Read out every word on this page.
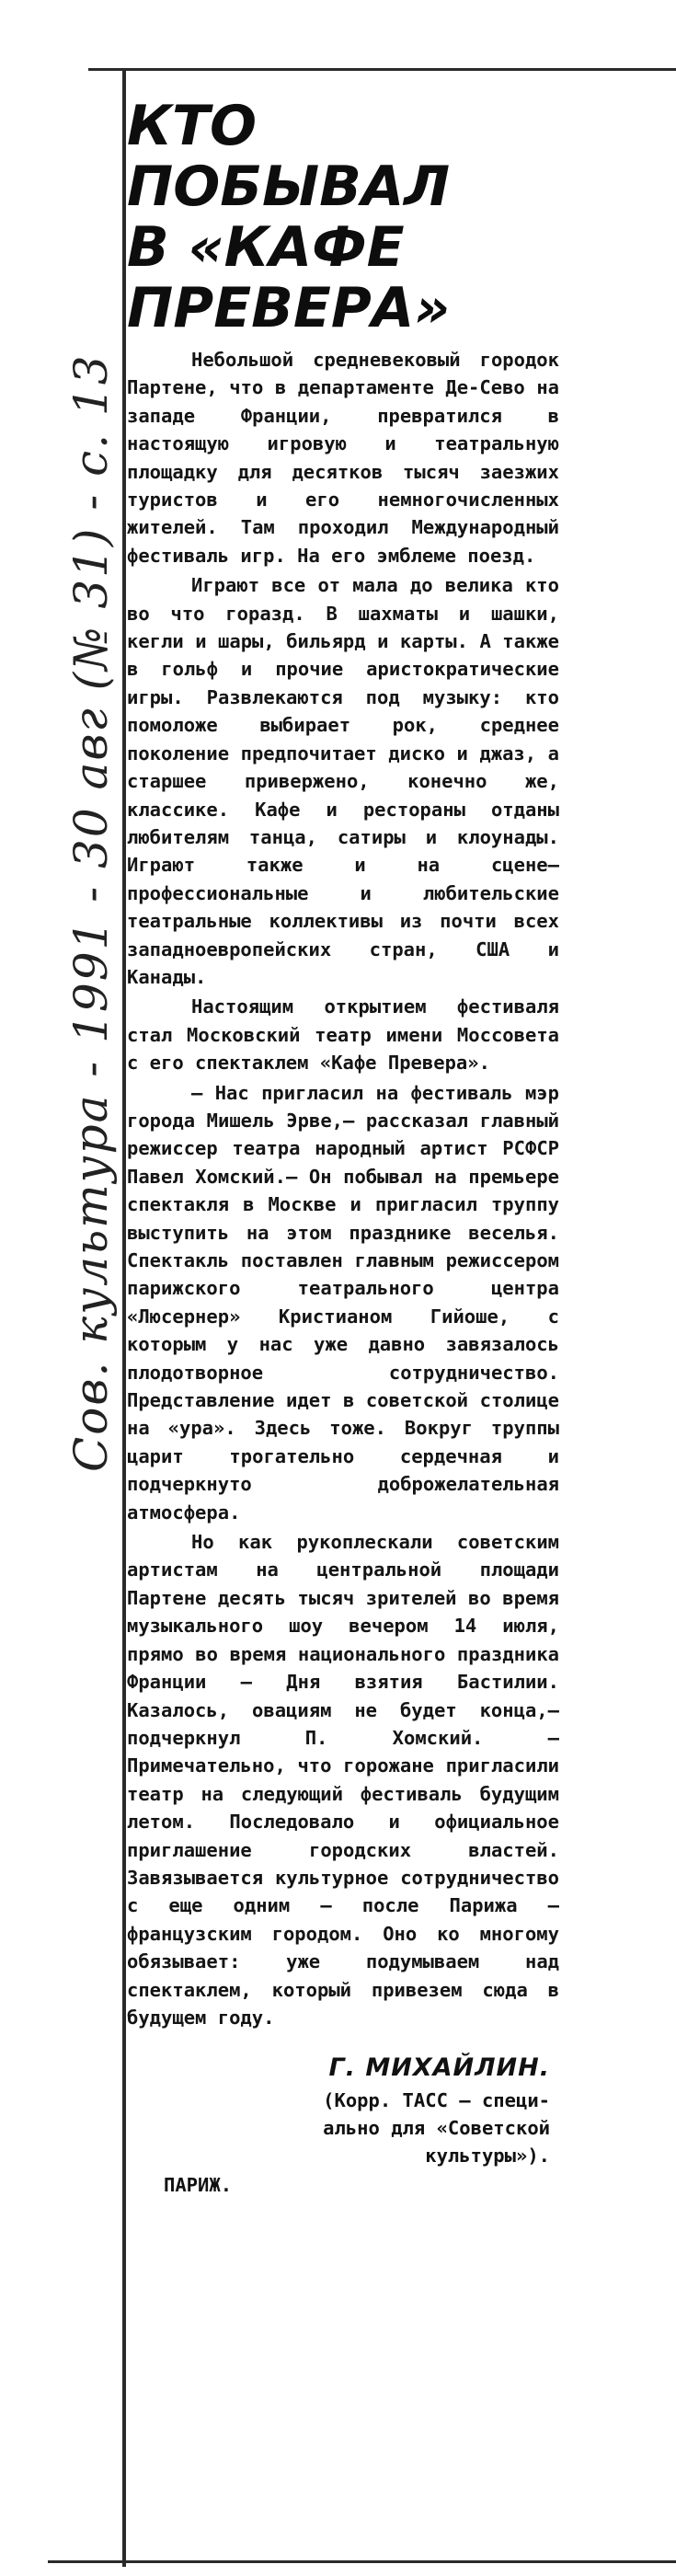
Сов. культура - 1991 - 30 авг (№ 31) - с. 13
КТО ПОБЫВАЛ
В «КАФЕ
ПРЕВЕРА»

Небольшой средневековый городок Партене, что в департаменте Де-Сево на западе Франции, превратился в настоящую игровую и театральную площадку для десятков тысяч заезжих туристов и его немногочисленных жителей. Там проходил Международный фестиваль игр. На его эмблеме поезд.

Играют все от мала до велика кто во что горазд. В шахматы и шашки, кегли и шары, бильярд и карты. А также в гольф и прочие аристократические игры. Развлекаются под музыку: кто помоложе выбирает рок, среднее поколение предпочитает диско и джаз, а старшее привержено, конечно же, классике. Кафе и рестораны отданы любителям танца, сатиры и клоунады. Играют также и на сцене— профессиональные и любительские театральные коллективы из почти всех западноевропейских стран, США и Канады.

Настоящим открытием фестиваля стал Московский театр имени Моссовета с его спектаклем «Кафе Превера».

— Нас пригласил на фестиваль мэр города Мишель Эрве,— рассказал главный режиссер театра народный артист РСФСР Павел Хомский.— Он побывал на премьере спектакля в Москве и пригласил труппу выступить на этом празднике веселья. Спектакль поставлен главным режиссером парижского театрального центра «Люсернер» Кристианом Гийоше, с которым у нас уже давно завязалось плодотворное сотрудничество. Представление идет в советской столице на «ура». Здесь тоже. Вокруг труппы царит трогательно сердечная и подчеркнуто доброжелательная атмосфера.

Но как рукоплескали советским артистам на центральной площади Партене десять тысяч зрителей во время музыкального шоу вечером 14 июля, прямо во время национального праздника Франции — Дня взятия Бастилии. Казалось, овациям не будет конца,— подчеркнул П. Хомский. — Примечательно, что горожане пригласили театр на следующий фестиваль будущим летом. Последовало и официальное приглашение городских властей. Завязывается культурное сотрудничество с еще одним — после Парижа — французским городом. Оно ко многому обязывает: уже подумываем над спектаклем, который привезем сюда в будущем году.

Г. МИХАЙЛИН.
(Корр. ТАСС — специ-
ально для «Советской
культуры»).
ПАРИЖ.
